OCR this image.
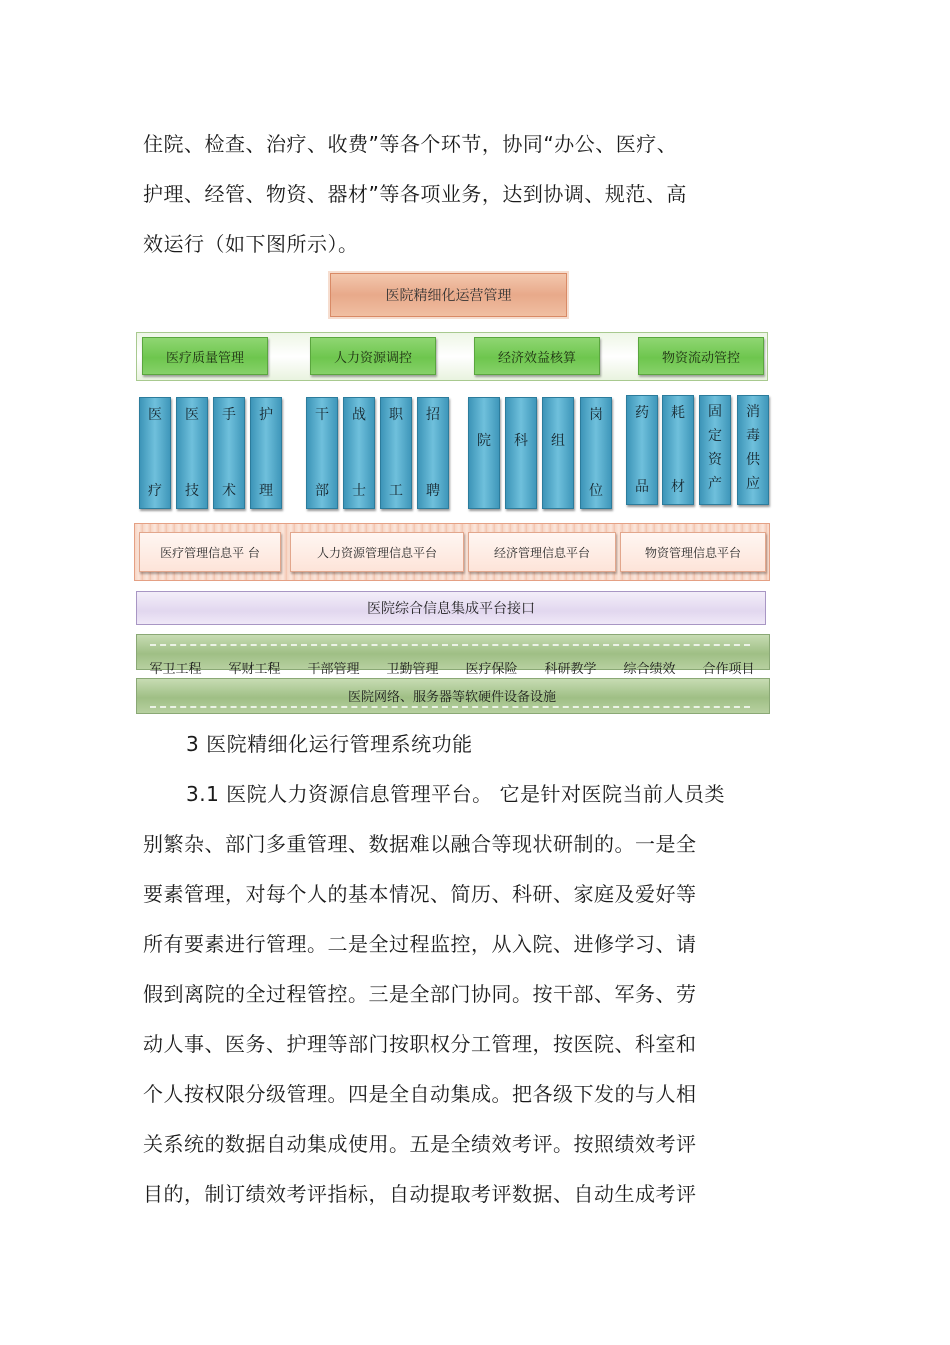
住院、检查、治疗、收费”等各个环节，协同“办公、医疗、
护理、经管、物资、器材”等各项业务，达到协调、规范、高
效运行（如下图所示）。
医院精细化运营管理
医疗质量管理	人力资源调控	经济效益核算	物资流动管控
医
疗
医
技
手
术
护
理
干
部
战
士
职
工
招
聘
院	科	组
岗
位
药
品
耗
材
固
定
资
产
消
毒
供
应
医疗管理信息平 台	人力资源管理信息平台	经济管理信息平台	物资管理信息平台
医院综合信息集成平台接口
军卫工程 军财工程 干部管理 卫勤管理 医疗保险 科研教学 综合绩效 合作项目
医院网络、服务器等软硬件设备设施
3 医院精细化运行管理系统功能
3.1 医院人力资源信息管理平台。 它是针对医院当前人员类
别繁杂、部门多重管理、数据难以融合等现状研制的。一是全
要素管理，对每个人的基本情况、简历、科研、家庭及爱好等
所有要素进行管理。二是全过程监控，从入院、进修学习、请
假到离院的全过程管控。三是全部门协同。按干部、军务、劳
动人事、医务、护理等部门按职权分工管理，按医院、科室和
个人按权限分级管理。四是全自动集成。把各级下发的与人相
关系统的数据自动集成使用。五是全绩效考评。按照绩效考评
目的，制订绩效考评指标，自动提取考评数据、自动生成考评
